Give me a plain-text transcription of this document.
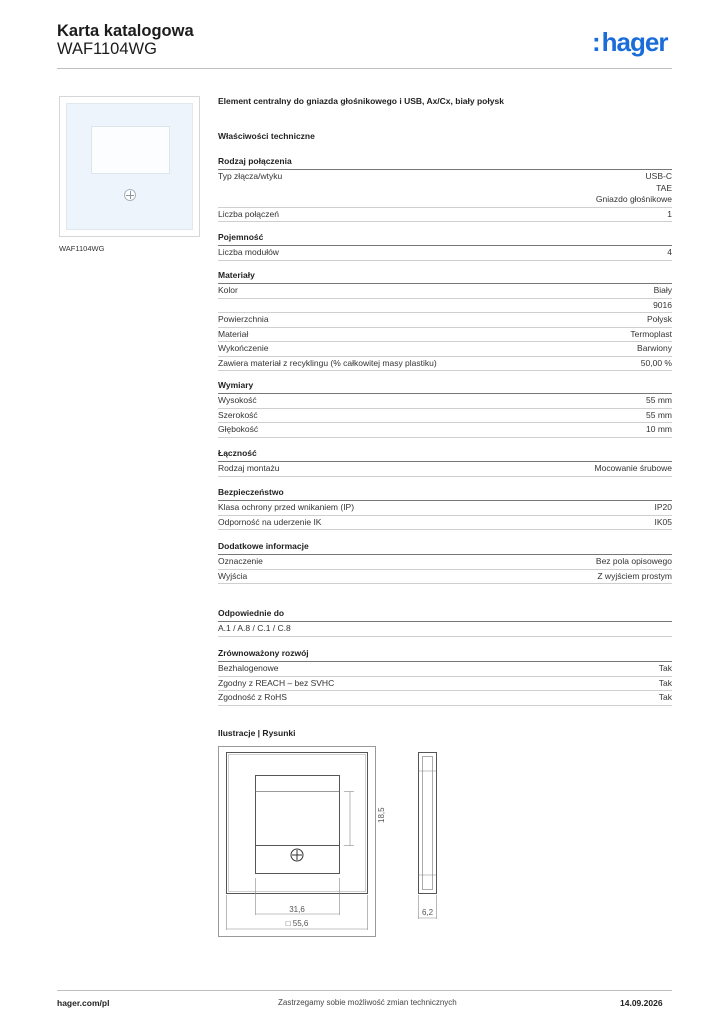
Karta katalogowa
WAF1104WG	:hager
WAF1104WG
Element centralny do gniazda głośnikowego i USB, Ax/Cx, biały połysk
Właściwości techniczne
Rodzaj połączenia
Typ złącza/wtyku	USB-C
TAE
Gniazdo głośnikowe
Liczba połączeń	1
Pojemność
Liczba modułów	4
Materiały
Kolor	Biały
9016
Powierzchnia	Połysk
Materiał	Termoplast
Wykończenie	Barwiony
Zawiera materiał z recyklingu (% całkowitej masy plastiku)	50,00 %
Wymiary
Wysokość	55 mm
Szerokość	55 mm
Głębokość	10 mm
Łączność
Rodzaj montażu	Mocowanie śrubowe
Bezpieczeństwo
Klasa ochrony przed wnikaniem (IP)	IP20
Odporność na uderzenie IK	IK05
Dodatkowe informacje
Oznaczenie	Bez pola opisowego
Wyjścia	Z wyjściem prostym
Odpowiednie do
A.1 / A.8 / C.1 / C.8
Zrównoważony rozwój
Bezhalogenowe	Tak
Zgodny z REACH – bez SVHC	Tak
Zgodność z RoHS	Tak
Ilustracje | Rysunki
18,5
31,6
□ 55,6
6,2
hager.com/pl	Zastrzegamy sobie możliwość zmian technicznych	14.09.2026
